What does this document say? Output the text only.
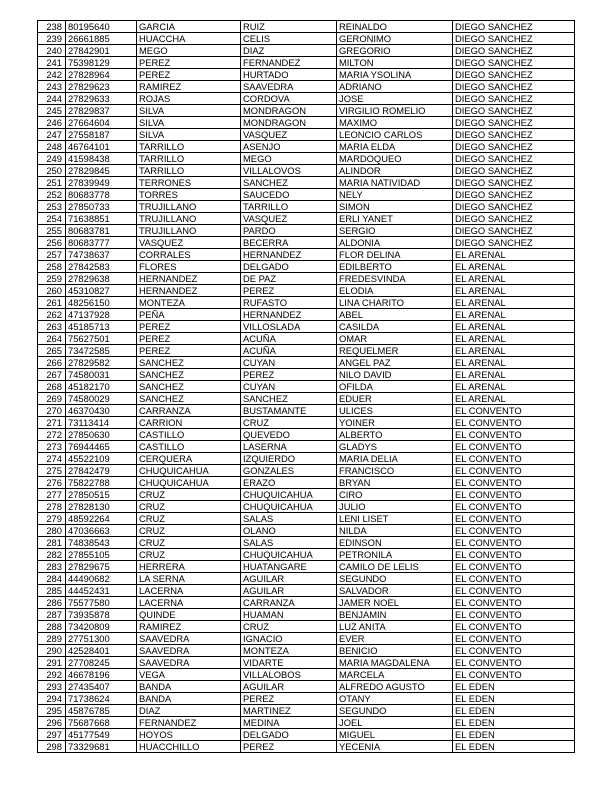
238	80195640	GARCIA	RUIZ	REINALDO	DIEGO SANCHEZ
239	26661885	HUACCHA	CELIS	GERONIMO	DIEGO SANCHEZ
240	27842901	MEGO	DIAZ	GREGORIO	DIEGO SANCHEZ
241	75398129	PEREZ	FERNANDEZ	MILTON	DIEGO SANCHEZ
242	27828964	PEREZ	HURTADO	MARIA YSOLINA	DIEGO SANCHEZ
243	27829623	RAMIREZ	SAAVEDRA	ADRIANO	DIEGO SANCHEZ
244	27829633	ROJAS	CORDOVA	JOSE	DIEGO SANCHEZ
245	27829837	SILVA	MONDRAGON	VIRGILIO ROMELIO	DIEGO SANCHEZ
246	27664604	SILVA	MONDRAGON	MAXIMO	DIEGO SANCHEZ
247	27558187	SILVA	VASQUEZ	LEONCIO CARLOS	DIEGO SANCHEZ
248	46764101	TARRILLO	ASENJO	MARIA ELDA	DIEGO SANCHEZ
249	41598438	TARRILLO	MEGO	MARDOQUEO	DIEGO SANCHEZ
250	27829845	TARRILLO	VILLALOVOS	ALINDOR	DIEGO SANCHEZ
251	27839949	TERRONES	SANCHEZ	MARIA NATIVIDAD	DIEGO SANCHEZ
252	80683778	TORRES	SAUCEDO	NELY	DIEGO SANCHEZ
253	27850733	TRUJILLANO	TARRILLO	SIMON	DIEGO SANCHEZ
254	71638851	TRUJILLANO	VASQUEZ	ERLI YANET	DIEGO SANCHEZ
255	80683781	TRUJILLANO	PARDO	SERGIO	DIEGO SANCHEZ
256	80683777	VASQUEZ	BECERRA	ALDONIA	DIEGO SANCHEZ
257	74738637	CORRALES	HERNANDEZ	FLOR DELINA	EL ARENAL
258	27842583	FLORES	DELGADO	EDILBERTO	EL ARENAL
259	27829638	HERNANDEZ	DE PAZ	FREDESVINDA	EL ARENAL
260	45310827	HERNANDEZ	PEREZ	ELODIA	EL ARENAL
261	48256150	MONTEZA	RUFASTO	LINA CHARITO	EL ARENAL
262	47137928	PEÑA	HERNANDEZ	ABEL	EL ARENAL
263	45185713	PEREZ	VILLOSLADA	CASILDA	EL ARENAL
264	75627501	PEREZ	ACUÑA	OMAR	EL ARENAL
265	73472585	PEREZ	ACUÑA	REQUELMER	EL ARENAL
266	27829582	SANCHEZ	CUYAN	ANGEL PAZ	EL ARENAL
267	74580031	SANCHEZ	PEREZ	NILO DAVID	EL ARENAL
268	45182170	SANCHEZ	CUYAN	OFILDA	EL ARENAL
269	74580029	SANCHEZ	SANCHEZ	EDUER	EL ARENAL
270	46370430	CARRANZA	BUSTAMANTE	ULICES	EL CONVENTO
271	73113414	CARRION	CRUZ	YOINER	EL CONVENTO
272	27850630	CASTILLO	QUEVEDO	ALBERTO	EL CONVENTO
273	76944465	CASTILLO	LASERNA	GLADYS	EL CONVENTO
274	45522109	CERQUERA	IZQUIERDO	MARIA DELIA	EL CONVENTO
275	27842479	CHUQUICAHUA	GONZALES	FRANCISCO	EL CONVENTO
276	75822788	CHUQUICAHUA	ERAZO	BRYAN	EL CONVENTO
277	27850515	CRUZ	CHUQUICAHUA	CIRO	EL CONVENTO
278	27828130	CRUZ	CHUQUICAHUA	JULIO	EL CONVENTO
279	48592264	CRUZ	SALAS	LENI LISET	EL CONVENTO
280	47036663	CRUZ	OLANO	NILDA	EL CONVENTO
281	74838543	CRUZ	SALAS	EDINSON	EL CONVENTO
282	27855105	CRUZ	CHUQUICAHUA	PETRONILA	EL CONVENTO
283	27829675	HERRERA	HUATANGARE	CAMILO DE LELIS	EL CONVENTO
284	44490682	LA SERNA	AGUILAR	SEGUNDO	EL CONVENTO
285	44452431	LACERNA	AGUILAR	SALVADOR	EL CONVENTO
286	75577580	LACERNA	CARRANZA	JAMER NOEL	EL CONVENTO
287	73935878	QUINDE	HUAMAN	BENJAMIN	EL CONVENTO
288	73420809	RAMIREZ	CRUZ	LUZ ANITA	EL CONVENTO
289	27751300	SAAVEDRA	IGNACIO	EVER	EL CONVENTO
290	42528401	SAAVEDRA	MONTEZA	BENICIO	EL CONVENTO
291	27708245	SAAVEDRA	VIDARTE	MARIA MAGDALENA	EL CONVENTO
292	46678196	VEGA	VILLALOBOS	MARCELA	EL CONVENTO
293	27435407	BANDA	AGUILAR	ALFREDO AGUSTO	EL EDEN
294	71738624	BANDA	PEREZ	OTANY	EL EDEN
295	45876785	DIAZ	MARTINEZ	SEGUNDO	EL EDEN
296	75687668	FERNANDEZ	MEDINA	JOEL	EL EDEN
297	45177549	HOYOS	DELGADO	MIGUEL	EL EDEN
298	73329681	HUACCHILLO	PEREZ	YECENIA	EL EDEN
